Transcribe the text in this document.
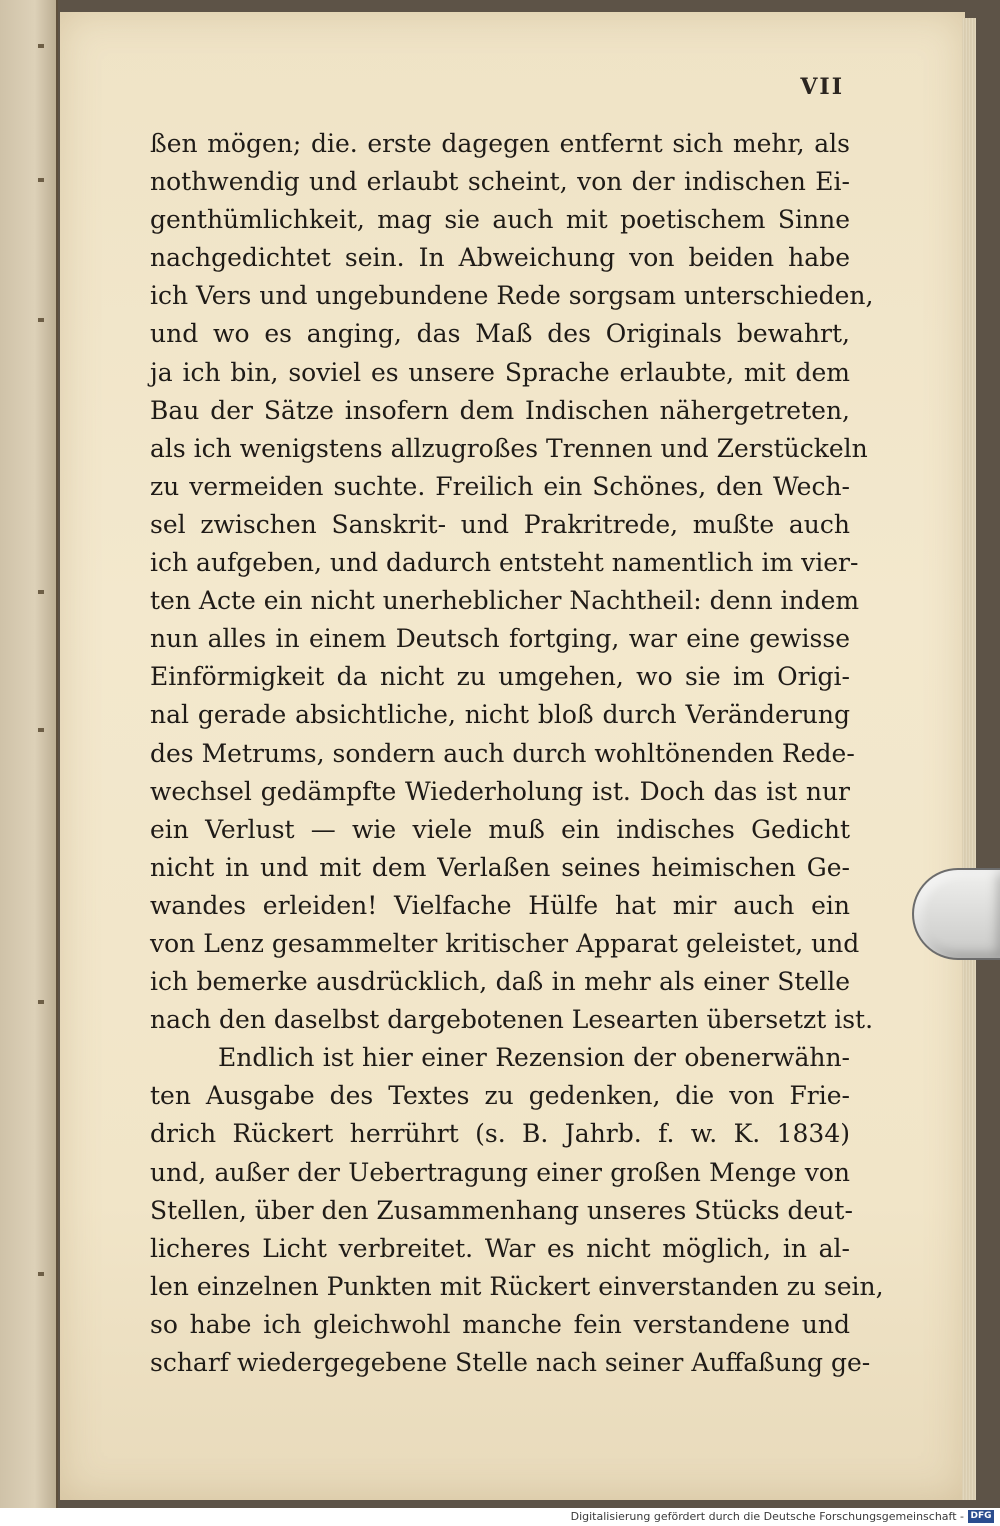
VII

ßen mögen; die. erste dagegen entfernt sich mehr, als
nothwendig und erlaubt scheint, von der indischen Ei-
genthümlichkeit, mag sie auch mit poetischem Sinne
nachgedichtet sein. In Abweichung von beiden habe
ich Vers und ungebundene Rede sorgsam unterschieden,
und wo es anging, das Maß des Originals bewahrt,
ja ich bin, soviel es unsere Sprache erlaubte, mit dem
Bau der Sätze insofern dem Indischen nähergetreten,
als ich wenigstens allzugroßes Trennen und Zerstückeln
zu vermeiden suchte. Freilich ein Schönes, den Wech-
sel zwischen Sanskrit- und Prakritrede, mußte auch
ich aufgeben, und dadurch entsteht namentlich im vier-
ten Acte ein nicht unerheblicher Nachtheil: denn indem
nun alles in einem Deutsch fortging, war eine gewisse
Einförmigkeit da nicht zu umgehen, wo sie im Origi-
nal gerade absichtliche, nicht bloß durch Veränderung
des Metrums, sondern auch durch wohltönenden Rede-
wechsel gedämpfte Wiederholung ist. Doch das ist nur
ein Verlust — wie viele muß ein indisches Gedicht
nicht in und mit dem Verlaßen seines heimischen Ge-
wandes erleiden! Vielfache Hülfe hat mir auch ein
von Lenz gesammelter kritischer Apparat geleistet, und
ich bemerke ausdrücklich, daß in mehr als einer Stelle
nach den daselbst dargebotenen Lesearten übersetzt ist.
Endlich ist hier einer Rezension der obenerwähn-
ten Ausgabe des Textes zu gedenken, die von Frie-
drich Rückert herrührt (s. B. Jahrb. f. w. K. 1834)
und, außer der Uebertragung einer großen Menge von
Stellen, über den Zusammenhang unseres Stücks deut-
licheres Licht verbreitet. War es nicht möglich, in al-
len einzelnen Punkten mit Rückert einverstanden zu sein,
so habe ich gleichwohl manche fein verstandene und
scharf wiedergegebene Stelle nach seiner Auffaßung ge-

Digitalisierung gefördert durch die Deutsche Forschungsgemeinschaft - DFG
